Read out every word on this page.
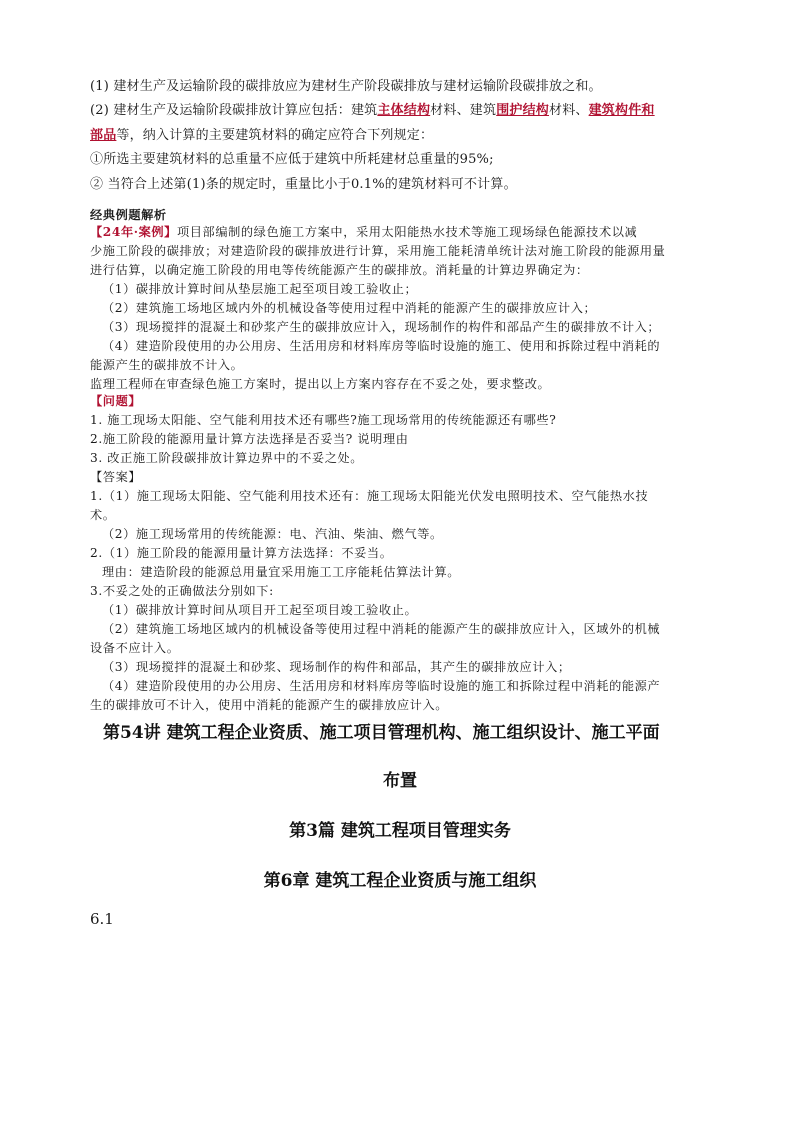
(1) 建材生产及运输阶段的碳排放应为建材生产阶段碳排放与建材运输阶段碳排放之和。
(2) 建材生产及运输阶段碳排放计算应包括：建筑主体结构材料、建筑围护结构材料、建筑构件和
部品等，纳入计算的主要建筑材料的确定应符合下列规定：
①所选主要建筑材料的总重量不应低于建筑中所耗建材总重量的95%;
② 当符合上述第(1)条的规定时，重量比小于0.1%的建筑材料可不计算。
经典例题解析
【24年·案例】项目部编制的绿色施工方案中，采用太阳能热水技术等施工现场绿色能源技术以减
少施工阶段的碳排放；对建造阶段的碳排放进行计算，采用施工能耗清单统计法对施工阶段的能源用量
进行估算，以确定施工阶段的用电等传统能源产生的碳排放。消耗量的计算边界确定为：
（1）碳排放计算时间从垫层施工起至项目竣工验收止；
（2）建筑施工场地区域内外的机械设备等使用过程中消耗的能源产生的碳排放应计入；
（3）现场搅拌的混凝土和砂浆产生的碳排放应计入，现场制作的构件和部品产生的碳排放不计入；
（4）建造阶段使用的办公用房、生活用房和材料库房等临时设施的施工、使用和拆除过程中消耗的
能源产生的碳排放不计入。
监理工程师在审查绿色施工方案时，提出以上方案内容存在不妥之处，要求整改。
【问题】
1. 施工现场太阳能、空气能利用技术还有哪些?施工现场常用的传统能源还有哪些?
2.施工阶段的能源用量计算方法选择是否妥当? 说明理由
3. 改正施工阶段碳排放计算边界中的不妥之处。
【答案】
1.（1）施工现场太阳能、空气能利用技术还有：施工现场太阳能光伏发电照明技术、空气能热水技
术。
（2）施工现场常用的传统能源：电、汽油、柴油、燃气等。
2.（1）施工阶段的能源用量计算方法选择：不妥当。
理由：建造阶段的能源总用量宜采用施工工序能耗估算法计算。
3.不妥之处的正确做法分别如下:
（1）碳排放计算时间从项目开工起至项目竣工验收止。
（2）建筑施工场地区域内的机械设备等使用过程中消耗的能源产生的碳排放应计入，区域外的机械
设备不应计入。
（3）现场搅拌的混凝土和砂浆、现场制作的构件和部品，其产生的碳排放应计入；
（4）建造阶段使用的办公用房、生活用房和材料库房等临时设施的施工和拆除过程中消耗的能源产
生的碳排放可不计入，使用中消耗的能源产生的碳排放应计入。
第54讲 建筑工程企业资质、施工项目管理机构、施工组织设计、施工平面
布置
第3篇 建筑工程项目管理实务
第6章 建筑工程企业资质与施工组织
6.1
